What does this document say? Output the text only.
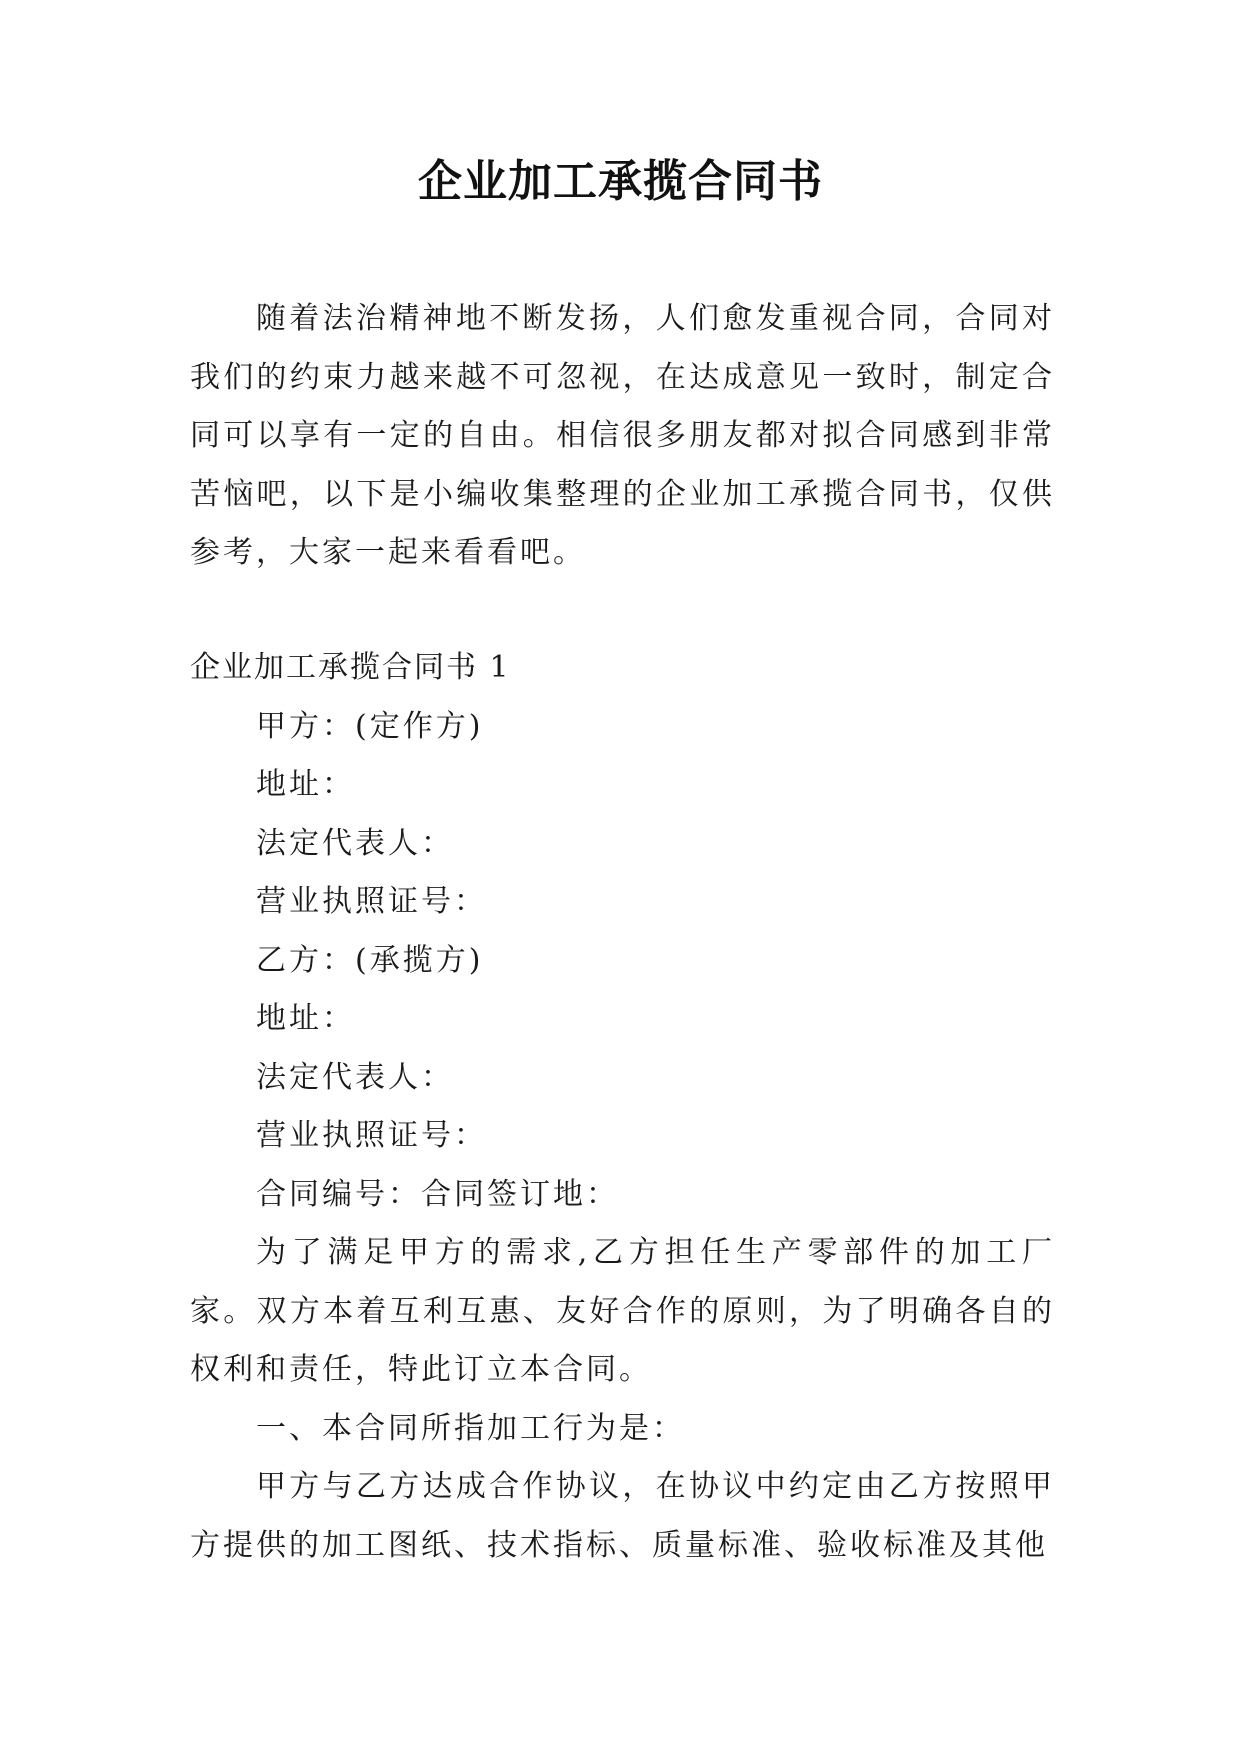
企业加工承揽合同书

随着法治精神地不断发扬，人们愈发重视合同，合同对我们的约束力越来越不可忽视，在达成意见一致时，制定合同可以享有一定的自由。相信很多朋友都对拟合同感到非常苦恼吧，以下是小编收集整理的企业加工承揽合同书，仅供参考，大家一起来看看吧。

企业加工承揽合同书 1

甲方：(定作方)

地址：

法定代表人：

营业执照证号：

乙方：(承揽方)

地址：

法定代表人：

营业执照证号：

合同编号：合同签订地：

为了满足甲方的需求,乙方担任生产零部件的加工厂家。双方本着互利互惠、友好合作的原则，为了明确各自的权利和责任，特此订立本合同。

一、本合同所指加工行为是：

甲方与乙方达成合作协议，在协议中约定由乙方按照甲方提供的加工图纸、技术指标、质量标准、验收标准及其他
